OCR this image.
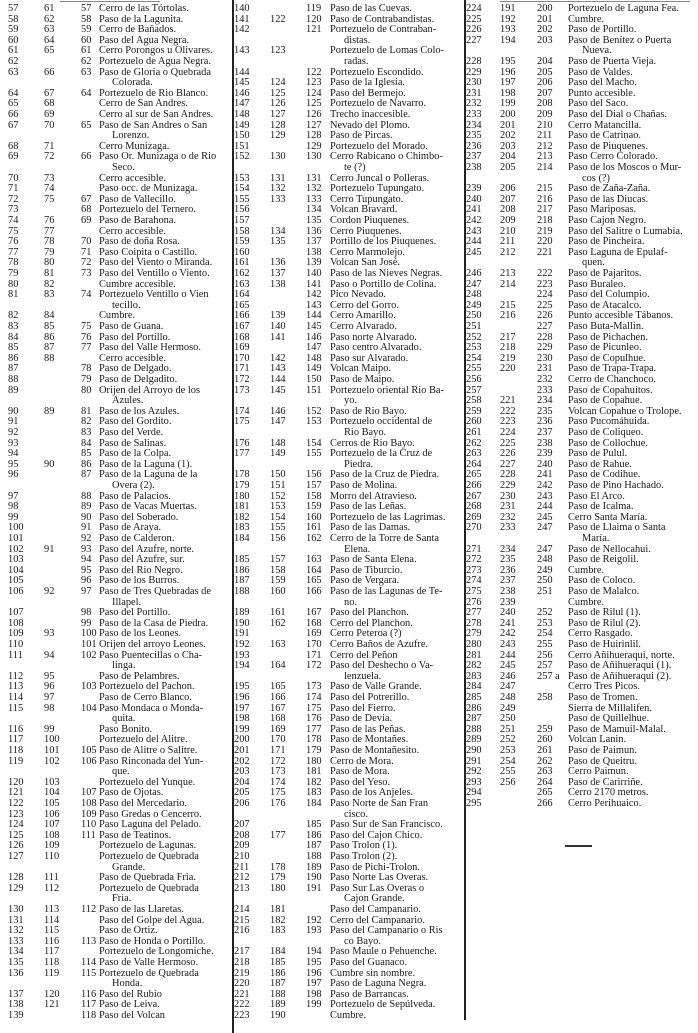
57 61	57 Cerro de las Tórtolas.
58 62	58 Paso de la Lagunita.
59 63	59 Cerro de Bañados.
60 64	60 Paso del Agua Negra.
61 65	61 Cerro Porongos u Olivares.
62	62 Portezuelo de Agua Negra.
63 66	63 Paso de Gloria o Quebrada
Colorada.
64 67	64 Portezuelo de Rio Blanco.
65 68	Cerro de San Andres.
66 69	Cerro al sur de San Andres.
67 70	65 Paso de San Andres o San
Lorenzo.
68 71	Cerro Munizaga.
69 72	66 Paso Or. Munizaga o de Rio
Seco.
70 73	Cerro accesible.
71 74	Paso occ. de Munizaga.
72 75	67 Paso de Vallecillo.
73	68 Portezuelo del Ternero.
74 76	69 Paso de Barahona.
75 77	Cerro accesible.
76 78	70 Paso de doña Rosa.
77 79	71 Paso Coipita o Castillo.
78 80	72 Paso del Viento o Miranda.
79 81	73 Paso del Ventillo o Viento.
80 82	Cumbre accesible.
81 83	74 Portezuelo Ventillo o Vien
tecillo.
82 84	Cumbre.
83 85	75 Paso de Guana.
84 86	76 Paso del Portillo.
85 87	77 Paso del Valle Hermoso.
86 88	Cerro accesible.
87	78 Paso de Delgado.
88	79 Paso de Delgadito.
89	80 Orijen del Arroyo de los
Azules.
90 89	81 Paso de los Azules.
91	82 Paso del Gordito.
92	83 Paso del Verde.
93	84 Paso de Salinas.
94	85 Paso de la Colpa.
95 90	86 Paso de la Laguna (1).
96	87 Paso de la Laguna de la
Overa (2).
97	88 Paso de Palacios.
98	89 Paso de Vacas Muertas.
99	90 Paso del Soberado.
100	91 Paso de Araya.
101	92 Paso de Calderon.
102 91	93 Paso del Azufre, norte.
103	94 Paso del Azufre, sur.
104	95 Paso del Rio Negro.
105	96 Paso de los Burros.
106 92	97 Paso de Tres Quebradas de
Illapel.
107	98 Paso del Portillo.
108	99 Paso de la Casa de Piedra.
109 93	100 Paso de los Leones.
110	101 Orijen del arroyo Leones.
111 94	102 Paso Puentecillas o Cha-
linga.
112 95	Paso de Pelambres.
113 96	103 Portezuelo del Pachon.
114 97	Paso de Cerro Blanco.
115 98	104 Paso Mondaca o Monda-
quita.
116 99	Paso Bonito.
117 100	Portezuelo del Alitre.
118 101 105 Paso de Alitre o Salitre.
119 102 106 Paso Rinconada del Yun-
que.
120 103	Portezuelo del Yunque.
121 104 107 Paso de Ojotas.
122 105 108 Paso del Mercedario.
123 106 109 Paso Gredas o Cencerro.
124 107 110 Paso Laguna del Pelado.
125 108 111 Paso de Teatinos.
126 109	Portezuelo de Lagunas.
127 110	Portezuelo de Quebrada
Grande.
128 111	Paso de Quebrada Fria.
129 112	Portezuelo de Quebrada
Fria.
130 113 112 Paso de las Llaretas.
131 114	Paso del Golpe del Agua.
132 115	Paso de Ortiz.
133 116 113 Paso de Honda o Portillo.
134 117	Portezuelo de Longomiche.
135 118 114 Paso de Valle Hermoso.
136 119 115 Portezuelo de Quebrada
Honda.
137 120 116 Paso del Rubio
138 121 117 Paso de Leiva.
139	118 Paso del Volcan
140	119 Paso de las Cuevas.
141 122 120 Paso de Contrabandistas.
142	121 Portezuelo de Contraban-
distas.
143 123	Portezuelo de Lomas Colo-
radas.
144	122 Portezuelo Escondido.
145 124 123 Paso de la Iglesia.
146 125 124 Paso del Bermejo.
147 126 125 Portezuelo de Navarro.
148 127 126 Trecho inaccesible.
149 128 127 Nevado del Plomo.
150 129 128 Paso de Pircas.
151	129 Portezuelo del Morado.
152 130 130 Cerro Rabicano o Chimbo-
te (?)
153 131 131 Cerro Juncal o Polleras.
154 132 132 Portezuelo Tupungato.
155 133 133 Cerro Tupungato.
156	134 Volcan Bravard.
157	135 Cordon Piuquenes.
158 134 136 Cerro Piuquenes.
159 135 137 Portillo de los Piuquenes.
160	138 Cerro Marmolejo.
161 136 139 Volcan San José.
162 137 140 Paso de las Nieves Negras.
163 138 141 Paso o Portillo de Colina.
164	142 Pico Nevado.
165	143 Cerro del Gorro.
166 139 144 Cerro Amarillo.
167 140 145 Cerro Alvarado.
168 141 146 Paso norte Alvarado.
169	147 Paso centro Alvarado.
170 142 148 Paso sur Alvarado.
171 143 149 Volcan Maipo.
172 144 150 Paso de Maipo.
173 145 151 Portezuelo oriental Rio Ba-
yo.
174 146 152 Paso de Rio Bayo.
175 147 153 Portezuelo occidental de
Rio Bayo.
176 148 154 Cerros de Rio Bayo.
177 149 155 Portezuelo de la Cruz de
Piedra.
178 150 156 Paso de la Cruz de Piedra.
179 151 157 Paso de Molina.
180 152 158 Morro del Atravieso.
181 153 159 Paso de las Leñas.
182 154 160 Portezuelo de las Lagrimas.
183 155 161 Paso de las Damas.
184 156 162 Cerro de la Torre de Santa
Elena.
185 157 163 Paso de Santa Elena.
186 158 164 Paso de Tiburcio.
187 159 165 Paso de Vergara.
188 160 166 Paso de las Lagunas de Te-
no.
189 161 167 Paso del Planchon.
190 162 168 Cerro del Planchon.
191	169 Cerro Peteroa (?)
192 163 170 Cerro Baños de Azufre.
193	171 Cerro del Peñon
194 164 172 Paso del Deshecho o Va-
lenzuela.
195 165 173 Paso de Valle Grande.
196 166 174 Paso del Potrerillo.
197 167 175 Paso del Fierro.
198 168 176 Paso de Devia.
199 169 177 Paso de las Peñas.
200 170 178 Paso de Montañes.
201 171 179 Paso de Montañesito.
202 172 180 Cerro de Mora.
203 173 181 Paso de Mora.
204 174 182 Paso del Yeso.
205 175 183 Paso de los Anjeles.
206 176 184 Paso Norte de San Fran
cisco.
207	185 Paso Sur de San Francisco.
208 177 186 Paso del Cajon Chico.
209	187 Paso Trolon (1).
210	188 Paso Trolon (2).
211 178 189 Paso de Pichi-Trolon.
212 179 190 Paso Norte Las Overas.
213 180 191 Paso Sur Las Overas o
Cajon Grande.
214 181	Paso del Campanario.
215 182 192 Cerro del Campanario.
216 183 193 Paso del Campanario o Ris
co Bayo.
217 184 194 Paso Maule o Pehuenche.
218 185 195 Paso del Guanaco.
219 186 196 Cumbre sin nombre.
220 187 197 Paso de Laguna Negra.
221 188 198 Paso de Barrancas.
222 189 199 Portezuelo de Sepúlveda.
223 190	Cumbre.
224 191 200 Portezuelo de Laguna Fea.
225 192 201 Cumbre.
226 193 202 Paso de Portillo.
227 194 203 Paso de Benítez o Puerta
Nueva.
228 195 204 Paso de Puerta Vieja.
229 196 205 Paso de Valdes.
230 197 206 Paso del Macho.
231 198 207 Punto accesible.
232 199 208 Paso del Saco.
233 200 209 Paso del Dial o Chañas.
234 201 210 Cerro Matancilla.
235 202 211 Paso de Catrinao.
236 203 212 Paso de Piuquenes.
237 204 213 Paso Cerro Colorado.
238 205 214 Paso de los Moscos o Mur-
cos (?)
239 206 215 Paso de Zaña-Zaña.
240 207 216 Paso de las Diucas.
241 208 217 Paso Mariposas.
242 209 218 Paso Cajon Negro.
243 210 219 Paso del Salitre o Lumabia.
244 211 220 Paso de Pincheira.
245 212 221 Paso Laguna de Epulaf-
quen.
246 213 222 Paso de Pajaritos.
247 214 223 Paso Buraleo.
248	224 Paso del Columpio.
249 215 225 Paso de Atacalco.
250 216 226 Punto accesible Tábanos.
251	227 Paso Buta-Mallin.
252 217 228 Paso de Pichachen.
253 218 229 Paso de Picunleo.
254 219 230 Paso de Copulhue.
255 220 231 Paso de Trapa-Trapa.
256	232 Cerro de Chanchoco.
257	233 Paso de Copahuitos.
258 221 234 Paso de Copahue.
259 222 235 Volcan Copahue o Trolope.
260 223 236 Paso Pucomáhuida.
261 224 237 Paso de Coliqueo.
262 225 238 Paso de Collochue.
263 226 239 Paso de Pulul.
264 227 240 Paso de Rahue.
265 228 241 Paso de Codihue.
266 229 242 Paso de Pino Hachado.
267 230 243 Paso El Arco.
268 231 244 Paso de Icalma.
269 232 245 Cerro Santa María.
270 233 247 Paso de Llaima o Santa
María.
271 234 247 Paso de Nellocahui.
272 235 248 Paso de Reigolil.
273 236 249 Cumbre.
274 237 250 Paso de Coloco.
275 238 251 Paso de Malalco.
276 239	Cumbre.
277 240 252 Paso de Rilul (1).
278 241 253 Paso de Rilul (2).
279 242 254 Cerro Rasgado.
280 243 255 Paso de Huirinlil.
281 244 256 Cerro Añihueraqui, norte.
282 245 257 Paso de Añihueraqui (1).
283 246 257 a Paso de Añihueraqui (2).
284 247	Cerro Tres Picos.
285 248 258 Paso de Tromen.
286 249	Sierra de Millalifen.
287 250	Paso de Quillelhue.
288 251 259 Paso de Mamuil-Malal.
289 252 260 Volcan Lanin.
290 253 261 Paso de Paimun.
291 254 262 Paso de Queitru.
292 255 263 Cerro Paimun.
293 256 264 Paso de Carirriñe.
294	265 Cerro 2170 metros.
295	266 Cerro Perihuaico.
